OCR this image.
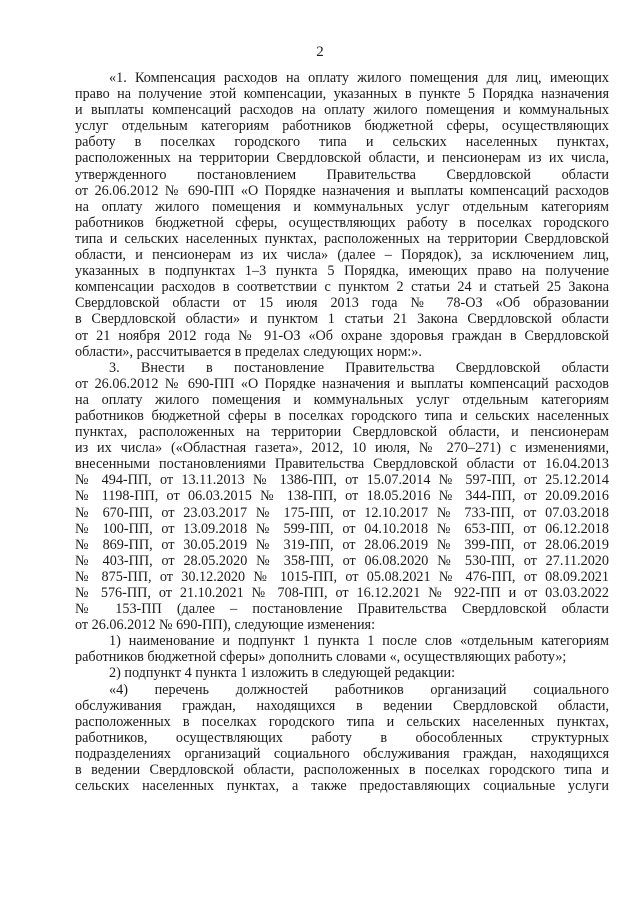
2
«1. Компенсация расходов на оплату жилого помещения для лиц, имеющих
право на получение этой компенсации, указанных в пункте 5 Порядка назначения
и выплаты компенсаций расходов на оплату жилого помещения и коммунальных
услуг отдельным категориям работников бюджетной сферы, осуществляющих
работу в поселках городского типа и сельских населенных пунктах,
расположенных на территории Свердловской области, и пенсионерам из их числа,
утвержденного постановлением Правительства Свердловской области
от 26.06.2012 № 690-ПП «О Порядке назначения и выплаты компенсаций расходов
на оплату жилого помещения и коммунальных услуг отдельным категориям
работников бюджетной сферы, осуществляющих работу в поселках городского
типа и сельских населенных пунктах, расположенных на территории Свердловской
области, и пенсионерам из их числа» (далее – Порядок), за исключением лиц,
указанных в подпунктах 1–3 пункта 5 Порядка, имеющих право на получение
компенсации расходов в соответствии с пунктом 2 статьи 24 и статьей 25 Закона
Свердловской области от 15 июля 2013 года № 78-ОЗ «Об образовании
в Свердловской области» и пунктом 1 статьи 21 Закона Свердловской области
от 21 ноября 2012 года № 91-ОЗ «Об охране здоровья граждан в Свердловской
области», рассчитывается в пределах следующих норм:».
3. Внести в постановление Правительства Свердловской области
от 26.06.2012 № 690-ПП «О Порядке назначения и выплаты компенсаций расходов
на оплату жилого помещения и коммунальных услуг отдельным категориям
работников бюджетной сферы в поселках городского типа и сельских населенных
пунктах, расположенных на территории Свердловской области, и пенсионерам
из их числа» («Областная газета», 2012, 10 июля, № 270–271) с изменениями,
внесенными постановлениями Правительства Свердловской области от 16.04.2013
№ 494-ПП, от 13.11.2013 № 1386-ПП, от 15.07.2014 № 597-ПП, от 25.12.2014
№ 1198-ПП, от 06.03.2015 № 138-ПП, от 18.05.2016 № 344-ПП, от 20.09.2016
№ 670-ПП, от 23.03.2017 № 175-ПП, от 12.10.2017 № 733-ПП, от 07.03.2018
№ 100-ПП, от 13.09.2018 № 599-ПП, от 04.10.2018 № 653-ПП, от 06.12.2018
№ 869-ПП, от 30.05.2019 № 319-ПП, от 28.06.2019 № 399-ПП, от 28.06.2019
№ 403-ПП, от 28.05.2020 № 358-ПП, от 06.08.2020 № 530-ПП, от 27.11.2020
№ 875-ПП, от 30.12.2020 № 1015-ПП, от 05.08.2021 № 476-ПП, от 08.09.2021
№ 576-ПП, от 21.10.2021 № 708-ПП, от 16.12.2021 № 922-ПП и от 03.03.2022
№ 153-ПП (далее – постановление Правительства Свердловской области
от 26.06.2012 № 690-ПП), следующие изменения:
1) наименование и подпункт 1 пункта 1 после слов «отдельным категориям
работников бюджетной сферы» дополнить словами «, осуществляющих работу»;
2) подпункт 4 пункта 1 изложить в следующей редакции:
«4) перечень должностей работников организаций социального
обслуживания граждан, находящихся в ведении Свердловской области,
расположенных в поселках городского типа и сельских населенных пунктах,
работников, осуществляющих работу в обособленных структурных
подразделениях организаций социального обслуживания граждан, находящихся
в ведении Свердловской области, расположенных в поселках городского типа и
сельских населенных пунктах, а также предоставляющих социальные услуги
